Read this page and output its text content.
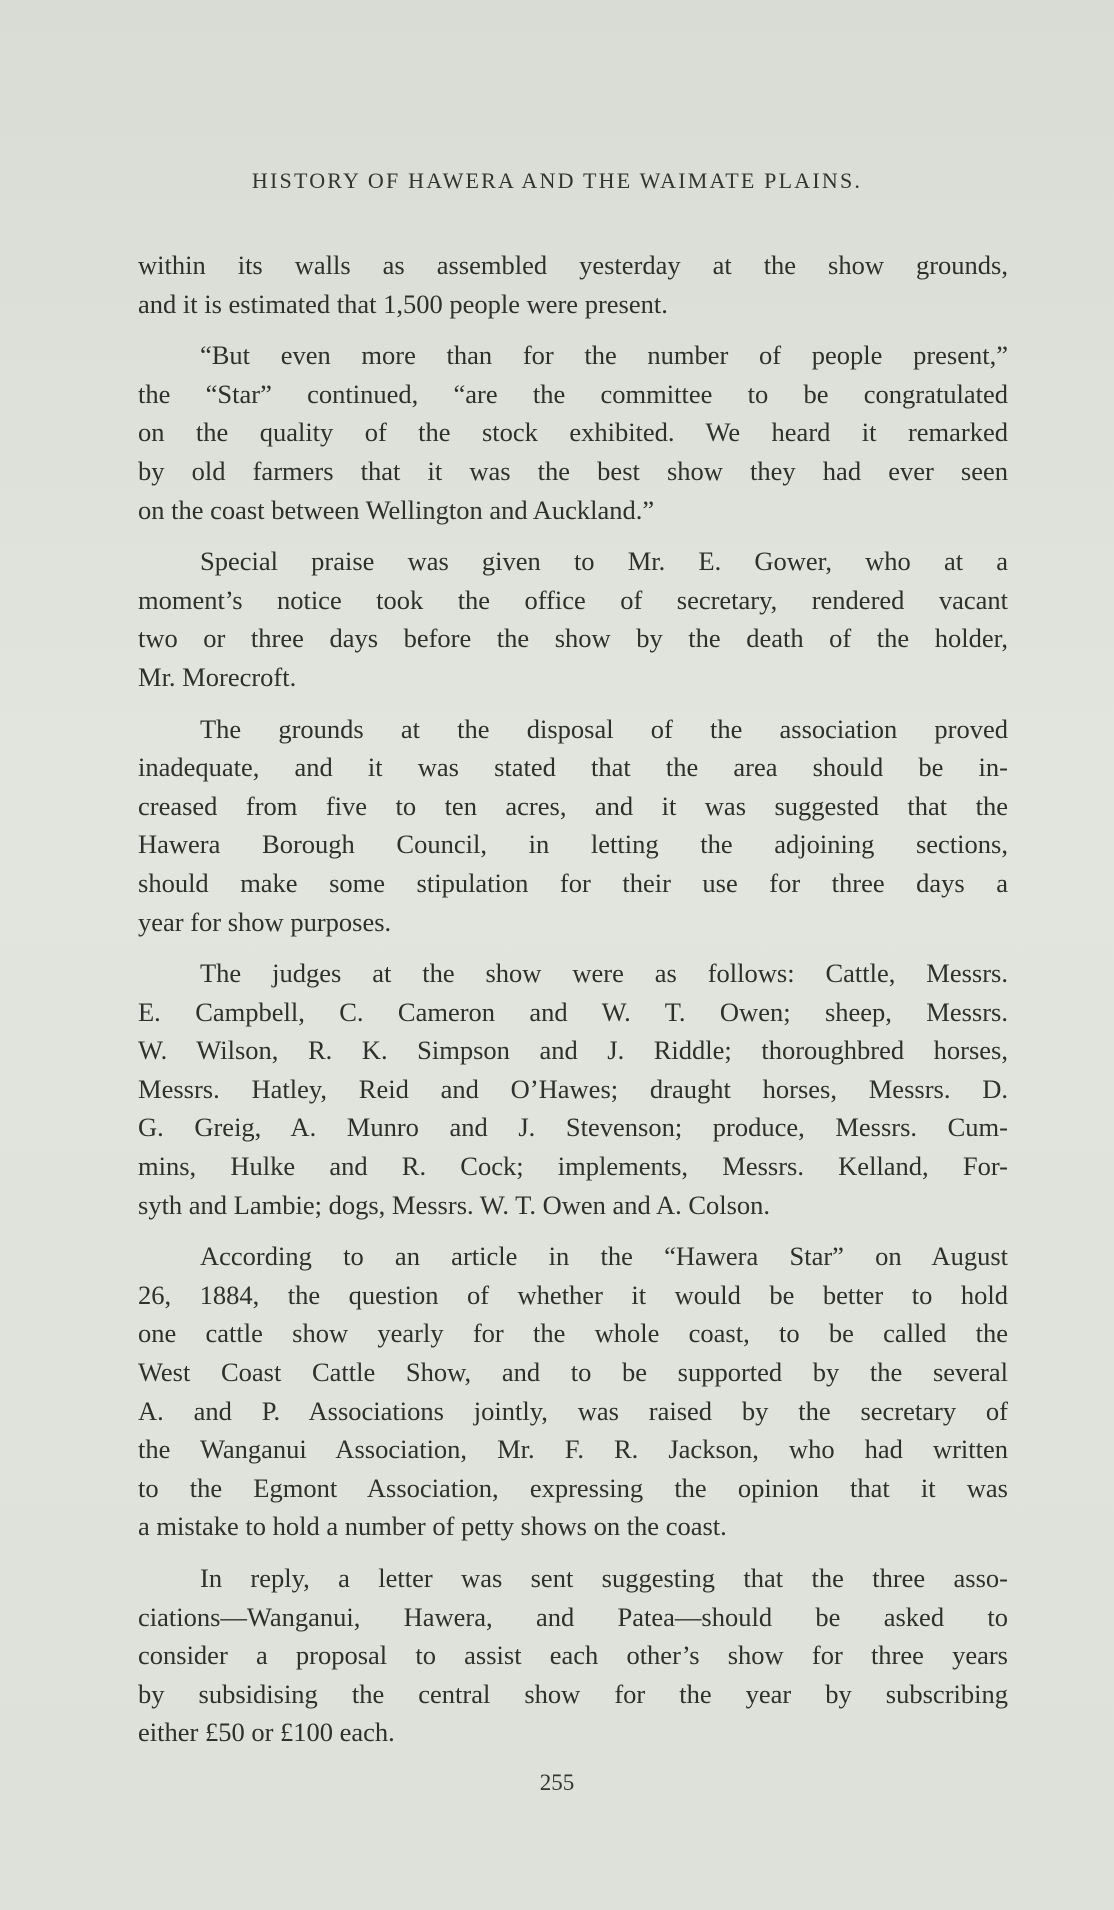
HISTORY OF HAWERA AND THE WAIMATE PLAINS.
within its walls as assembled yesterday at the show grounds,
and it is estimated that 1,500 people were present.
“But even more than for the number of people present,”
the “Star” continued, “are the committee to be congratulated
on the quality of the stock exhibited. We heard it remarked
by old farmers that it was the best show they had ever seen
on the coast between Wellington and Auckland.”
Special praise was given to Mr. E. Gower, who at a
moment’s notice took the office of secretary, rendered vacant
two or three days before the show by the death of the holder,
Mr. Morecroft.
The grounds at the disposal of the association proved
inadequate, and it was stated that the area should be in-
creased from five to ten acres, and it was suggested that the
Hawera Borough Council, in letting the adjoining sections,
should make some stipulation for their use for three days a
year for show purposes.
The judges at the show were as follows: Cattle, Messrs.
E. Campbell, C. Cameron and W. T. Owen; sheep, Messrs.
W. Wilson, R. K. Simpson and J. Riddle; thoroughbred horses,
Messrs. Hatley, Reid and O’Hawes; draught horses, Messrs. D.
G. Greig, A. Munro and J. Stevenson; produce, Messrs. Cum-
mins, Hulke and R. Cock; implements, Messrs. Kelland, For-
syth and Lambie; dogs, Messrs. W. T. Owen and A. Colson.
According to an article in the “Hawera Star” on August
26, 1884, the question of whether it would be better to hold
one cattle show yearly for the whole coast, to be called the
West Coast Cattle Show, and to be supported by the several
A. and P. Associations jointly, was raised by the secretary of
the Wanganui Association, Mr. F. R. Jackson, who had written
to the Egmont Association, expressing the opinion that it was
a mistake to hold a number of petty shows on the coast.
In reply, a letter was sent suggesting that the three asso-
ciations—Wanganui, Hawera, and Patea—should be asked to
consider a proposal to assist each other’s show for three years
by subsidising the central show for the year by subscribing
either £50 or £100 each.
255
